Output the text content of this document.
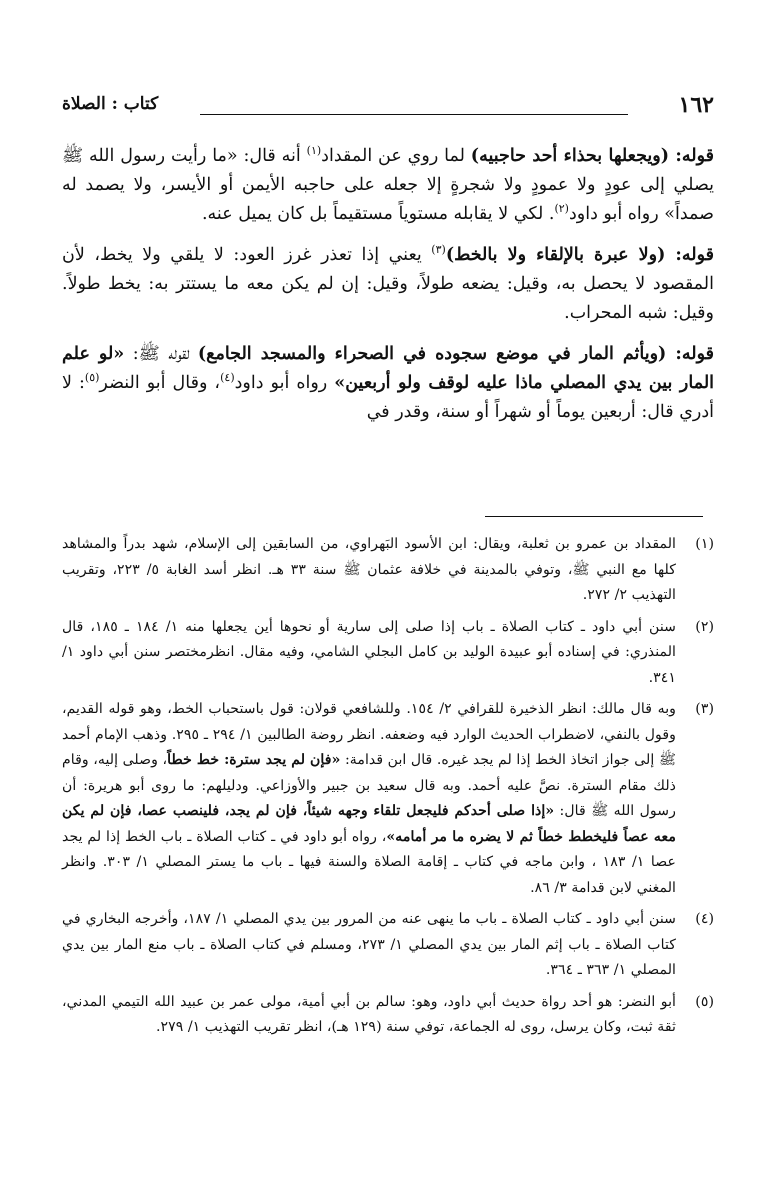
١٦٢
كتاب : الصلاة

قوله: (ويجعلها بحذاء أحد حاجبيه) لما روي عن المقداد$^{(١)}$ أنه قال: «ما رأيت رسول الله ﷺ يصلي إلى عودٍ ولا عمودٍ ولا شجرةٍ إلا جعله على حاجبه الأيمن أو الأيسر، ولا يصمد له صمداً» رواه أبو داود$^{(٢)}$. لكي لا يقابله مستوياً مستقيماً بل كان يميل عنه.

قوله: (ولا عبرة بالإلقاء ولا بالخط)$^{(٣)}$ يعني إذا تعذر غرز العود: لا يلقي ولا يخط، لأن المقصود لا يحصل به، وقيل: يضعه طولاً، وقيل: إن لم يكن معه ما يستتر به: يخط طولاً. وقيل: شبه المحراب.

قوله: (ويأثم المار في موضع سجوده في الصحراء والمسجد الجامع) لقوله ﷺ: «لو علم المار بين يدي المصلي ماذا عليه لوقف ولو أربعين» رواه أبو داود$^{(٤)}$، وقال أبو النضر$^{(٥)}$: لا أدري قال: أربعين يوماً أو شهراً أو سنة، وقدر في

(١)
المقداد بن عمرو بن ثعلبة، ويقال: ابن الأسود البَهراوي، من السابقين إلى الإسلام، شهد بدراً والمشاهد كلها مع النبي ﷺ، وتوفي بالمدينة في خلافة عثمان ﷺ سنة ٣٣ هـ. انظر أسد الغابة ٥/ ٢٢٣، وتقريب التهذيب ٢/ ٢٧٢.

(٢)
سنن أبي داود ـ كتاب الصلاة ـ باب إذا صلى إلى سارية أو نحوها أين يجعلها منه ١/ ١٨٤ ـ ١٨٥، قال المنذري: في إسناده أبو عبيدة الوليد بن كامل البجلي الشامي، وفيه مقال. انظرمختصر سنن أبي داود ١/ ٣٤١.

(٣)
وبه قال مالك: انظر الذخيرة للقرافي ٢/ ١٥٤. وللشافعي قولان: قول باستحباب الخط، وهو قوله القديم، وقول بالنفي، لاضطراب الحديث الوارد فيه وضعفه. انظر روضة الطالبين ١/ ٢٩٤ ـ ٢٩٥. وذهب الإمام أحمد ﷺ إلى جواز اتخاذ الخط إذا لم يجد غيره. قال ابن قدامة: «فإن لم يجد سترة: خط خطاً، وصلى إليه، وقام ذلك مقام السترة. نصَّ عليه أحمد. وبه قال سعيد بن جبير والأوزاعي. ودليلهم: ما روى أبو هريرة: أن رسول الله ﷺ قال: «إذا صلى أحدكم فليجعل تلقاء وجهه شيئاً، فإن لم يجد، فلينصب عصا، فإن لم يكن معه عصاً فليخطط خطاً ثم لا يضره ما مر أمامه»، رواه أبو داود في ـ كتاب الصلاة ـ باب الخط إذا لم يجد عصا ١/ ١٨٣ ، وابن ماجه في كتاب ـ إقامة الصلاة والسنة فيها ـ باب ما يستر المصلي ١/ ٣٠٣. وانظر المغني لابن قدامة ٣/ ٨٦.

(٤)
سنن أبي داود ـ كتاب الصلاة ـ باب ما ينهى عنه من المرور بين يدي المصلي ١/ ١٨٧، وأخرجه البخاري في كتاب الصلاة ـ باب إثم المار بين يدي المصلي ١/ ٢٧٣، ومسلم في كتاب الصلاة ـ باب منع المار بين يدي المصلي ١/ ٣٦٣ ـ ٣٦٤.

(٥)
أبو النضر: هو أحد رواة حديث أبي داود، وهو: سالم بن أبي أمية، مولى عمر بن عبيد الله التيمي المدني، ثقة ثبت، وكان يرسل، روى له الجماعة، توفي سنة (١٢٩ هـ)، انظر تقريب التهذيب ١/ ٢٧٩.
